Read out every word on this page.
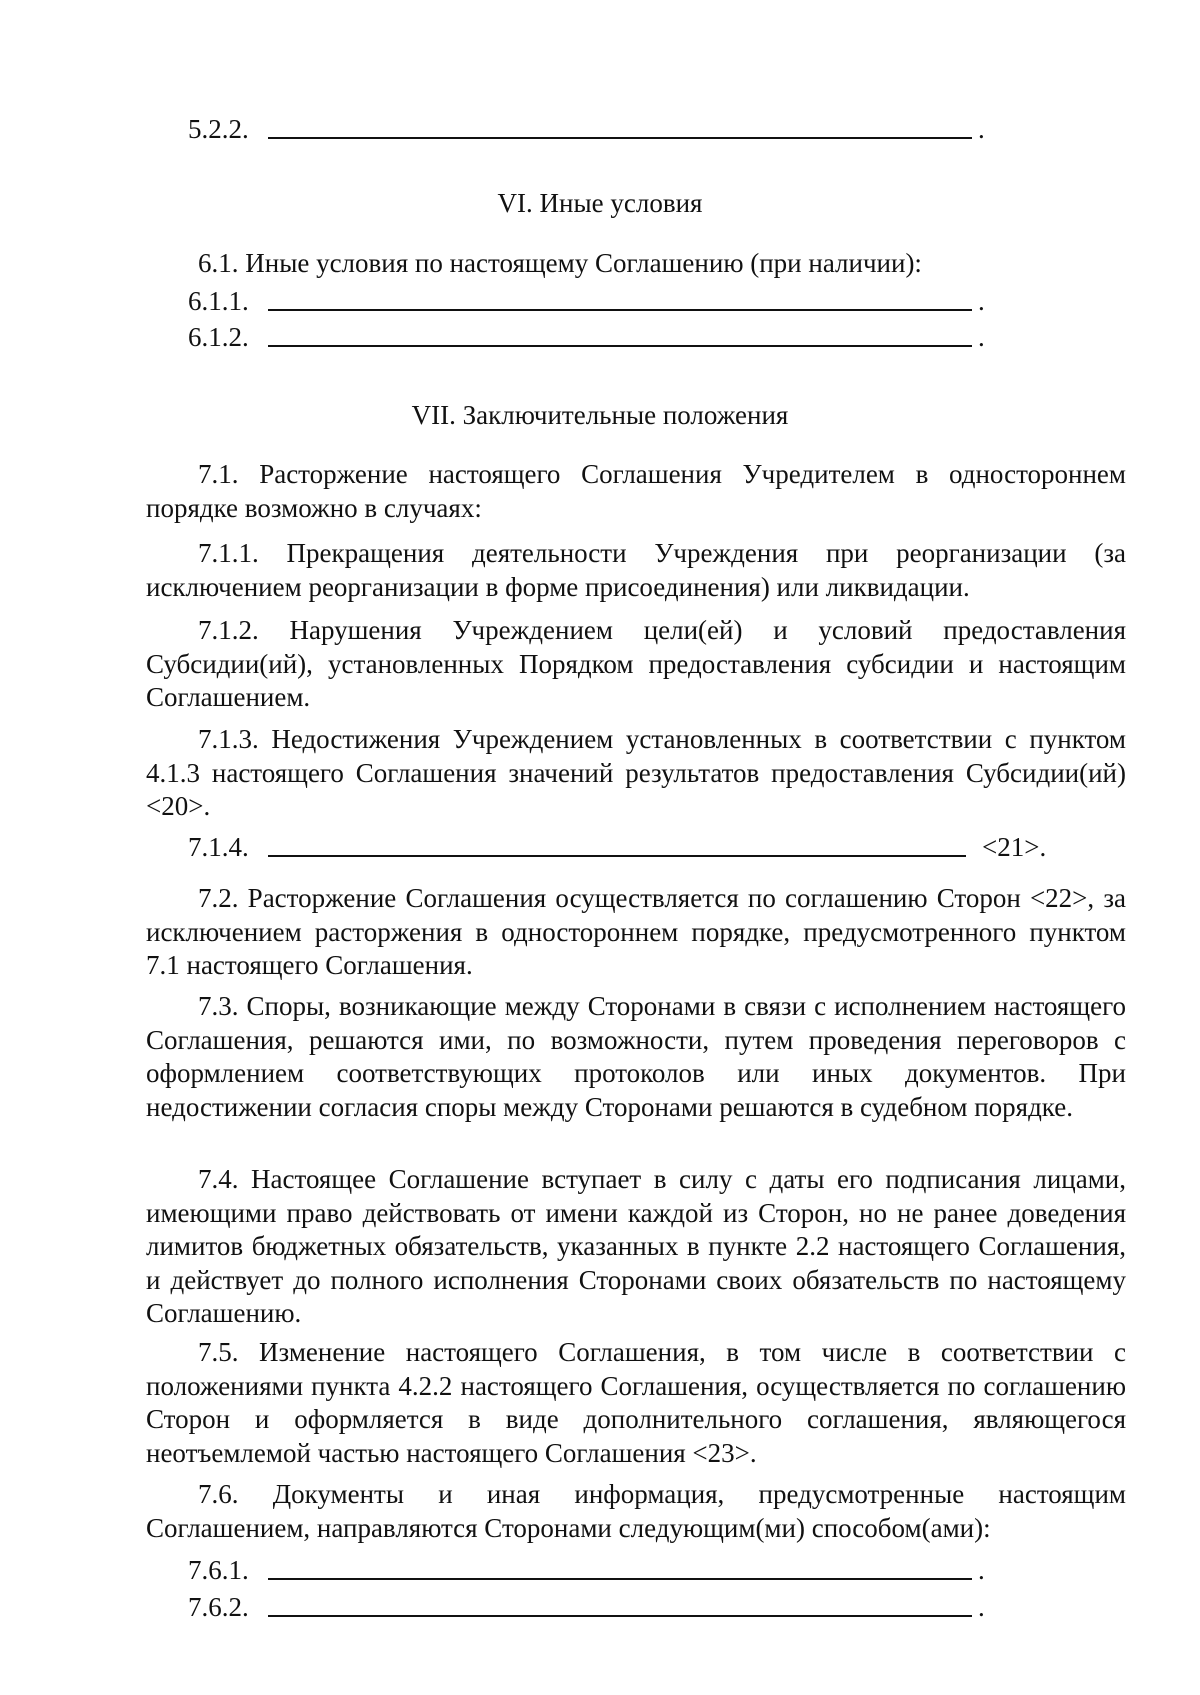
5.2.2.	.
VI. Иные условия
6.1. Иные условия по настоящему Соглашению (при наличии):
6.1.1.	.
6.1.2.	.
VII. Заключительные положения
7.1. Расторжение настоящего Соглашения Учредителем в одностороннем порядке возможно в случаях:
7.1.1. Прекращения деятельности Учреждения при реорганизации (за исключением реорганизации в форме присоединения) или ликвидации.
7.1.2. Нарушения Учреждением цели(ей) и условий предоставления Субсидии(ий), установленных Порядком предоставления субсидии и настоящим Соглашением.
7.1.3. Недостижения Учреждением установленных в соответствии с пунктом 4.1.3 настоящего Соглашения значений результатов предоставления Субсидии(ий) <20>.
7.1.4.	<21>.
7.2. Расторжение Соглашения осуществляется по соглашению Сторон <22>, за исключением расторжения в одностороннем порядке, предусмотренного пунктом 7.1 настоящего Соглашения.
7.3. Споры, возникающие между Сторонами в связи с исполнением настоящего Соглашения, решаются ими, по возможности, путем проведения переговоров с оформлением соответствующих протоколов или иных документов. При недостижении согласия споры между Сторонами решаются в судебном порядке.
7.4. Настоящее Соглашение вступает в силу с даты его подписания лицами, имеющими право действовать от имени каждой из Сторон, но не ранее доведения лимитов бюджетных обязательств, указанных в пункте 2.2 настоящего Соглашения, и действует до полного исполнения Сторонами своих обязательств по настоящему Соглашению.
7.5. Изменение настоящего Соглашения, в том числе в соответствии с положениями пункта 4.2.2 настоящего Соглашения, осуществляется по соглашению Сторон и оформляется в виде дополнительного соглашения, являющегося неотъемлемой частью настоящего Соглашения <23>.
7.6. Документы и иная информация, предусмотренные настоящим Соглашением, направляются Сторонами следующим(ми) способом(ами):
7.6.1.	.
7.6.2.	.
